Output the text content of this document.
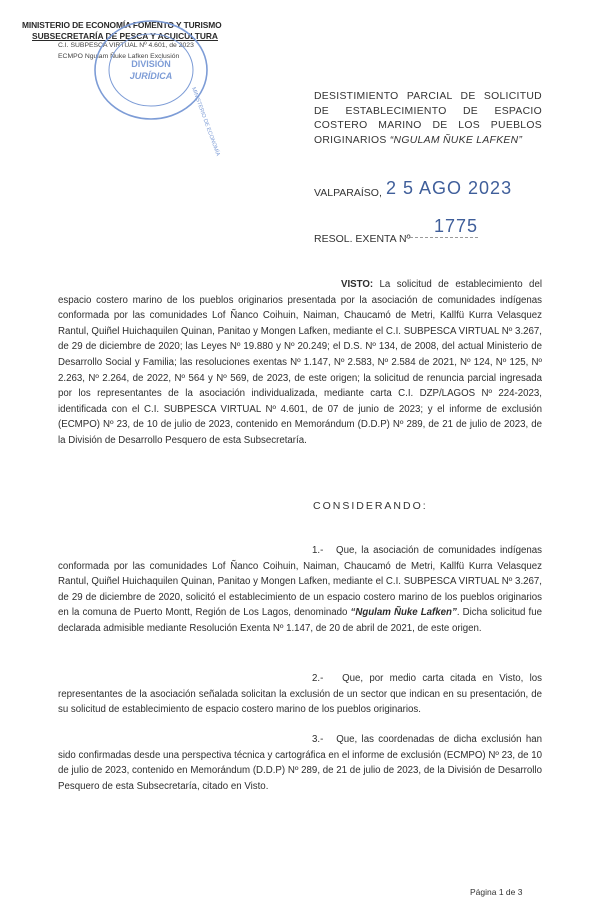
MINISTERIO DE ECONOMÍA FOMENTO Y TURISMO
SUBSECRETARÍA DE PESCA Y ACUICULTURA
C.I. SUBPESCA VIRTUAL Nº 4.601, de 2023
ECMPO Ngulam Ñuke Lafken Exclusión
DIVISIÓN
JURÍDICA
MINISTERIO DE ECONOMÍA	DESISTIMIENTO PARCIAL DE SOLICITUD DE ESTABLECIMIENTO DE ESPACIO COSTERO MARINO DE LOS PUEBLOS ORIGINARIOS “NGULAM ÑUKE LAFKEN”
VALPARAÍSO, 2 5 AGO 2023
RESOL. EXENTA Nº
1775
VISTO: La solicitud de establecimiento del espacio costero marino de los pueblos originarios presentada por la asociación de comunidades indígenas conformada por las comunidades Lof Ñanco Coihuin, Naiman, Chaucamó de Metri, Kallfü Kurra Velasquez Rantul, Quiñel Huichaquilen Quinan, Panitao y Mongen Lafken, mediante el C.I. SUBPESCA VIRTUAL Nº 3.267, de 29 de diciembre de 2020; las Leyes Nº 19.880 y Nº 20.249; el D.S. Nº 134, de 2008, del actual Ministerio de Desarrollo Social y Familia; las resoluciones exentas Nº 1.147, Nº 2.583, Nº 2.584 de 2021, Nº 124, Nº 125, Nº 2.263, Nº 2.264, de 2022, Nº 564 y Nº 569, de 2023, de este origen; la solicitud de renuncia parcial ingresada por los representantes de la asociación individualizada, mediante carta C.I. DZP/LAGOS Nº 224-2023, identificada con el C.I. SUBPESCA VIRTUAL Nº 4.601, de 07 de junio de 2023; y el informe de exclusión (ECMPO) Nº 23, de 10 de julio de 2023, contenido en Memorándum (D.D.P) Nº 289, de 21 de julio de 2023, de la División de Desarrollo Pesquero de esta Subsecretaría.
CONSIDERANDO:
1.- Que, la asociación de comunidades indígenas conformada por las comunidades Lof Ñanco Coihuin, Naiman, Chaucamó de Metri, Kallfü Kurra Velasquez Rantul, Quiñel Huichaquilen Quinan, Panitao y Mongen Lafken, mediante el C.I. SUBPESCA VIRTUAL Nº 3.267, de 29 de diciembre de 2020, solicitó el establecimiento de un espacio costero marino de los pueblos originarios en la comuna de Puerto Montt, Región de Los Lagos, denominado “Ngulam Ñuke Lafken”. Dicha solicitud fue declarada admisible mediante Resolución Exenta Nº 1.147, de 20 de abril de 2021, de este origen.
2.- Que, por medio carta citada en Visto, los representantes de la asociación señalada solicitan la exclusión de un sector que indican en su presentación, de su solicitud de establecimiento de espacio costero marino de los pueblos originarios.
3.- Que, las coordenadas de dicha exclusión han sido confirmadas desde una perspectiva técnica y cartográfica en el informe de exclusión (ECMPO) Nº 23, de 10 de julio de 2023, contenido en Memorándum (D.D.P) Nº 289, de 21 de julio de 2023, de la División de Desarrollo Pesquero de esta Subsecretaría, citado en Visto.
Página 1 de 3
